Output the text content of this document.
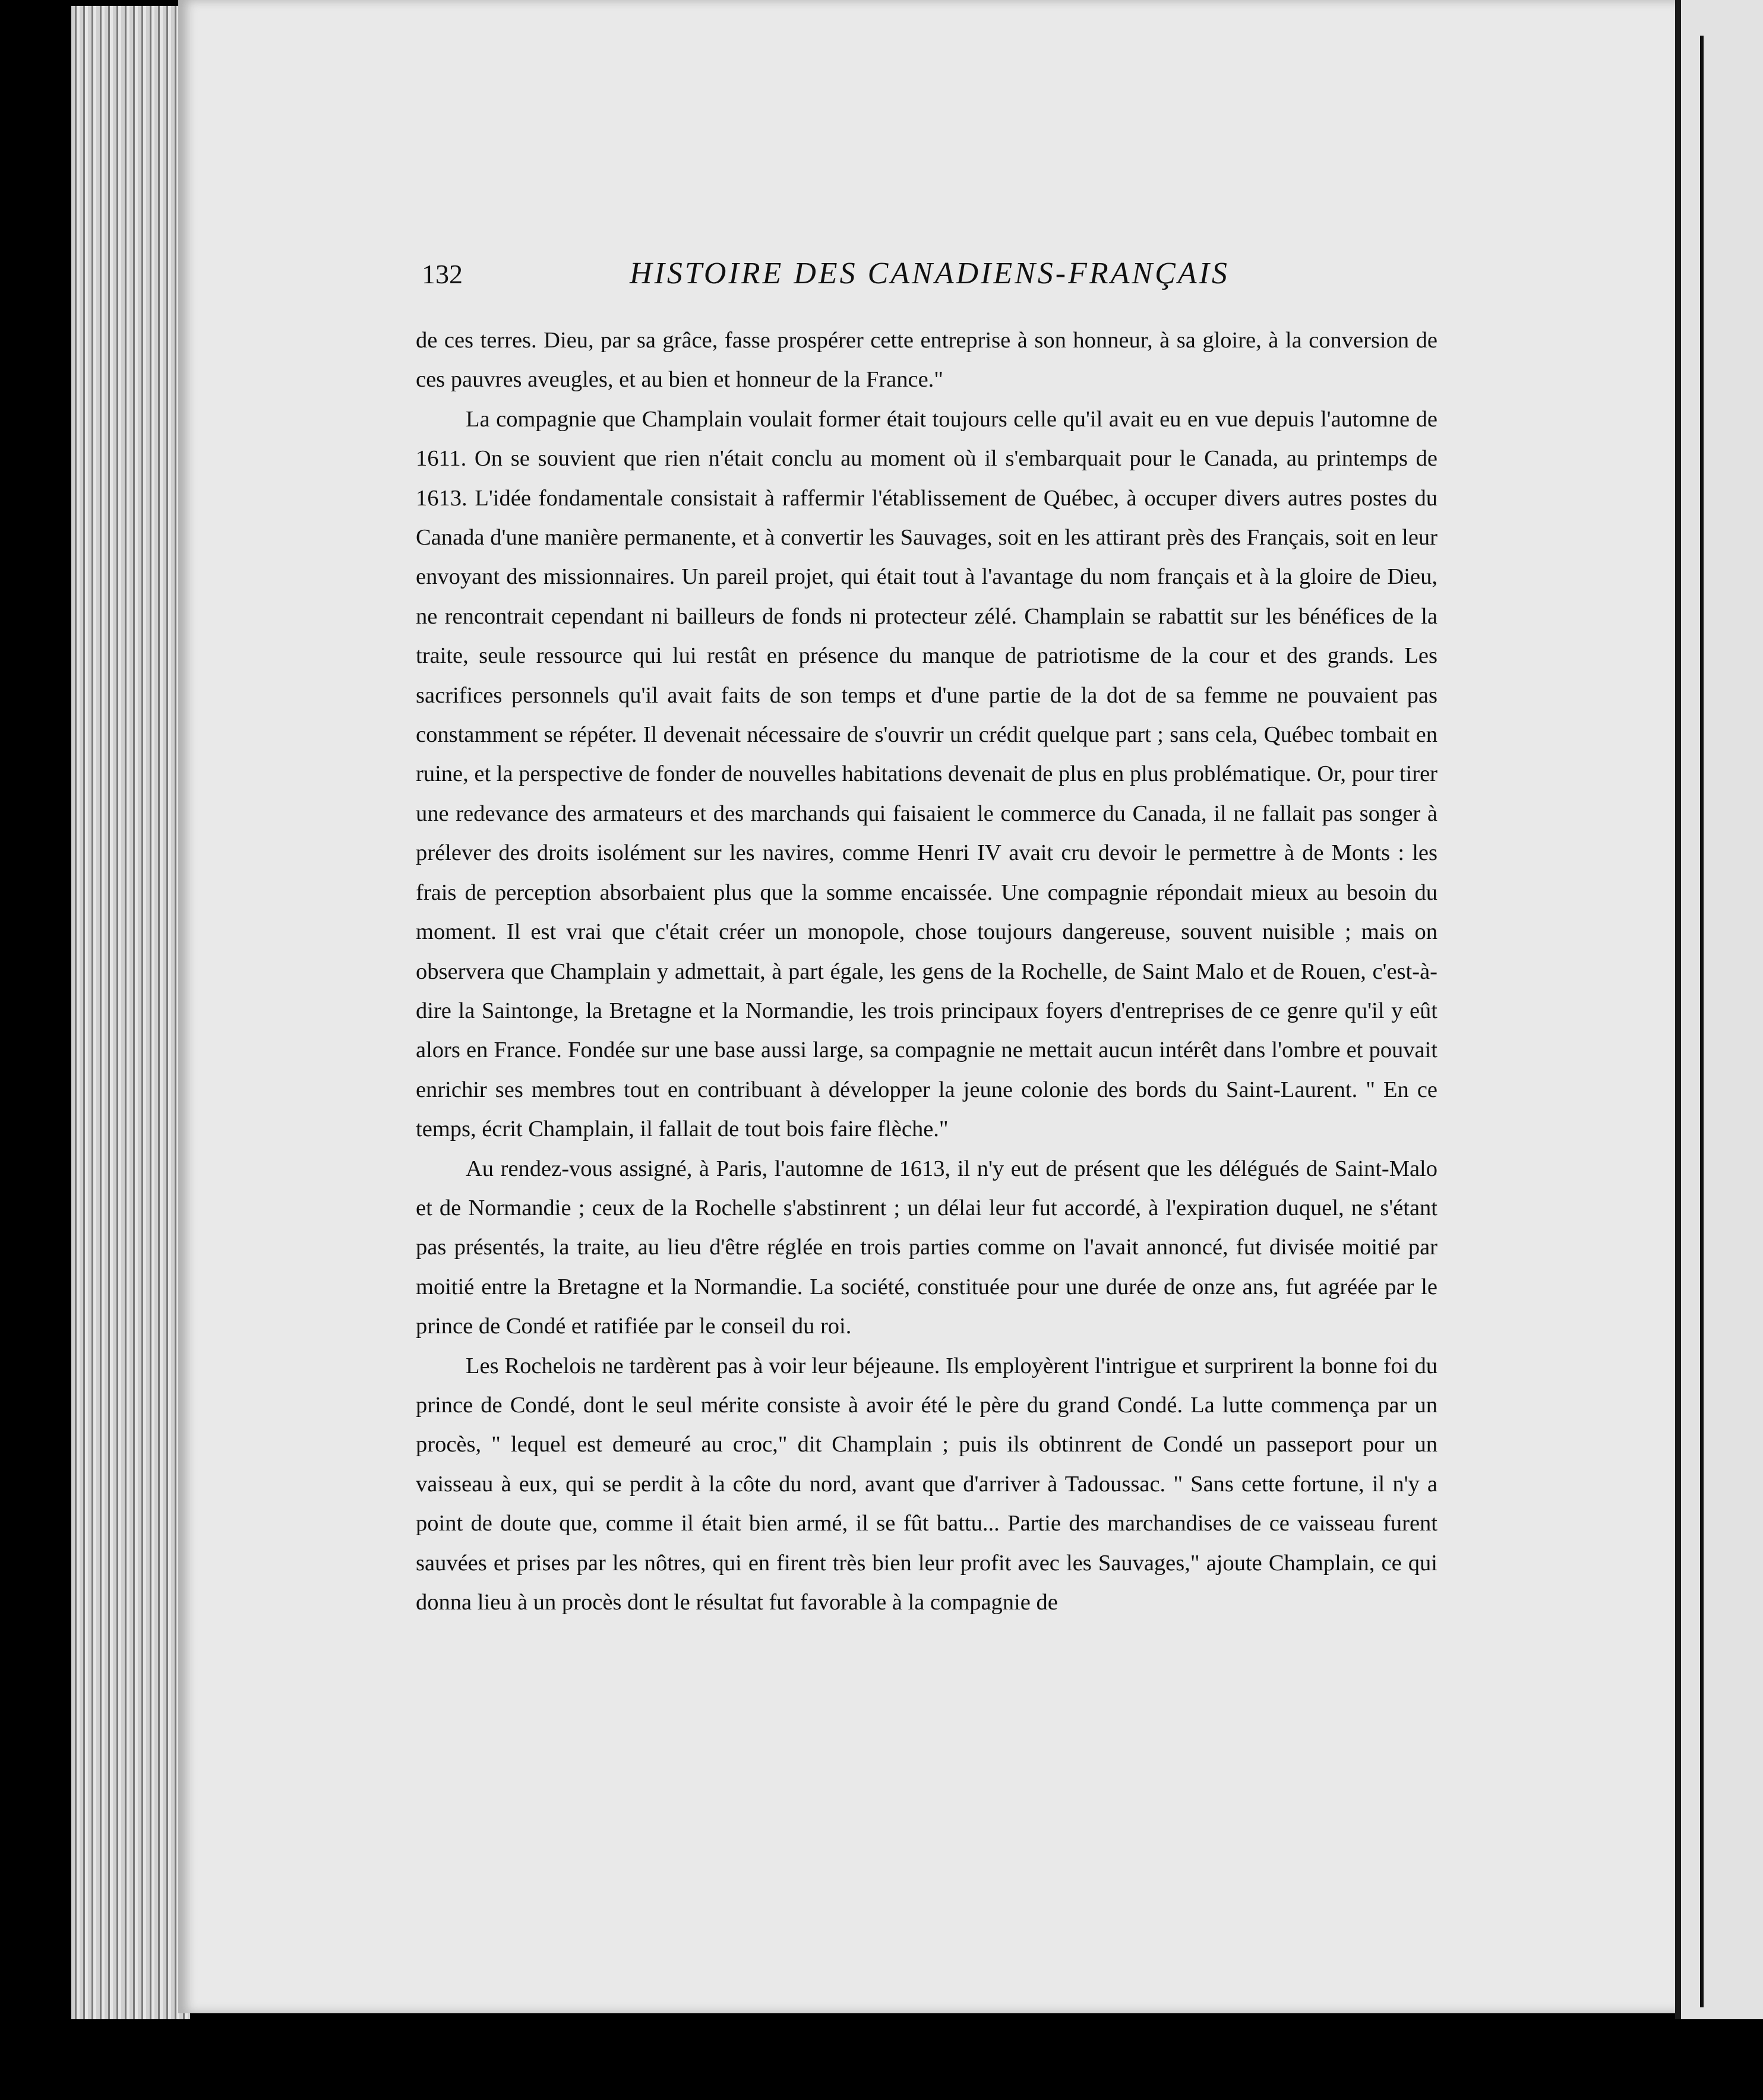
132	HISTOIRE DES CANADIENS-FRANÇAIS

de ces terres. Dieu, par sa grâce, fasse prospérer cette entreprise à son honneur, à sa gloire, à la conversion de ces pauvres aveugles, et au bien et honneur de la France."

La compagnie que Champlain voulait former était toujours celle qu'il avait eu en vue depuis l'automne de 1611. On se souvient que rien n'était conclu au moment où il s'embarquait pour le Canada, au printemps de 1613. L'idée fondamentale consistait à raffermir l'établissement de Québec, à occuper divers autres postes du Canada d'une manière permanente, et à convertir les Sauvages, soit en les attirant près des Français, soit en leur envoyant des missionnaires. Un pareil projet, qui était tout à l'avantage du nom français et à la gloire de Dieu, ne rencontrait cependant ni bailleurs de fonds ni protecteur zélé. Champlain se rabattit sur les bénéfices de la traite, seule ressource qui lui restât en présence du manque de patriotisme de la cour et des grands. Les sacrifices personnels qu'il avait faits de son temps et d'une partie de la dot de sa femme ne pouvaient pas constamment se répéter. Il devenait nécessaire de s'ouvrir un crédit quelque part ; sans cela, Québec tombait en ruine, et la perspective de fonder de nouvelles habitations devenait de plus en plus problématique. Or, pour tirer une redevance des armateurs et des marchands qui faisaient le commerce du Canada, il ne fallait pas songer à prélever des droits isolément sur les navires, comme Henri IV avait cru devoir le permettre à de Monts : les frais de perception absorbaient plus que la somme encaissée. Une compagnie répondait mieux au besoin du moment. Il est vrai que c'était créer un monopole, chose toujours dangereuse, souvent nuisible ; mais on observera que Champlain y admettait, à part égale, les gens de la Rochelle, de Saint Malo et de Rouen, c'est-à-dire la Saintonge, la Bretagne et la Normandie, les trois principaux foyers d'entreprises de ce genre qu'il y eût alors en France. Fondée sur une base aussi large, sa compagnie ne mettait aucun intérêt dans l'ombre et pouvait enrichir ses membres tout en contribuant à développer la jeune colonie des bords du Saint-Laurent. " En ce temps, écrit Champlain, il fallait de tout bois faire flèche."

Au rendez-vous assigné, à Paris, l'automne de 1613, il n'y eut de présent que les délégués de Saint-Malo et de Normandie ; ceux de la Rochelle s'abstinrent ; un délai leur fut accordé, à l'expiration duquel, ne s'étant pas présentés, la traite, au lieu d'être réglée en trois parties comme on l'avait annoncé, fut divisée moitié par moitié entre la Bretagne et la Normandie. La société, constituée pour une durée de onze ans, fut agréée par le prince de Condé et ratifiée par le conseil du roi.

Les Rochelois ne tardèrent pas à voir leur béjeaune. Ils employèrent l'intrigue et surprirent la bonne foi du prince de Condé, dont le seul mérite consiste à avoir été le père du grand Condé. La lutte commença par un procès, " lequel est demeuré au croc," dit Champlain ; puis ils obtinrent de Condé un passeport pour un vaisseau à eux, qui se perdit à la côte du nord, avant que d'arriver à Tadoussac. " Sans cette fortune, il n'y a point de doute que, comme il était bien armé, il se fût battu... Partie des marchandises de ce vaisseau furent sauvées et prises par les nôtres, qui en firent très bien leur profit avec les Sauvages," ajoute Champlain, ce qui donna lieu à un procès dont le résultat fut favorable à la compagnie de
